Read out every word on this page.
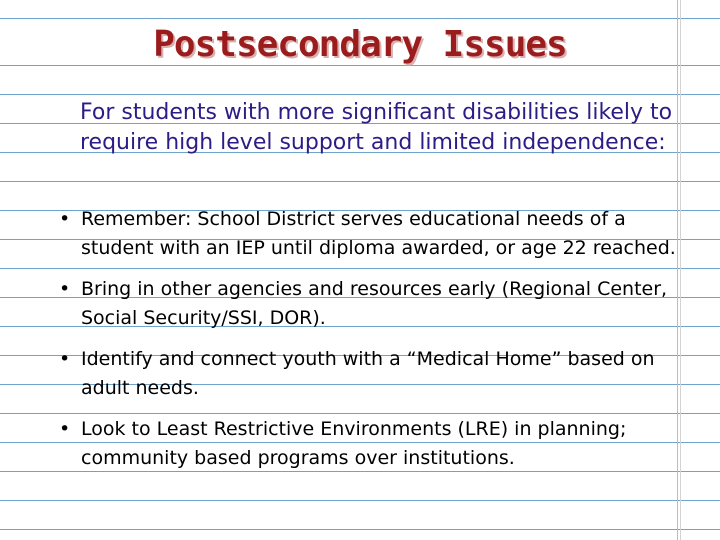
Postsecondary Issues

For students with more significant disabilities likely to require high level support and limited independence:

• Remember: School District serves educational needs of a student with an IEP until diploma awarded, or age 22 reached.
• Bring in other agencies and resources early (Regional Center, Social Security/SSI, DOR).
• Identify and connect youth with a “Medical Home” based on adult needs.
• Look to Least Restrictive Environments (LRE) in planning; community based programs over institutions.
